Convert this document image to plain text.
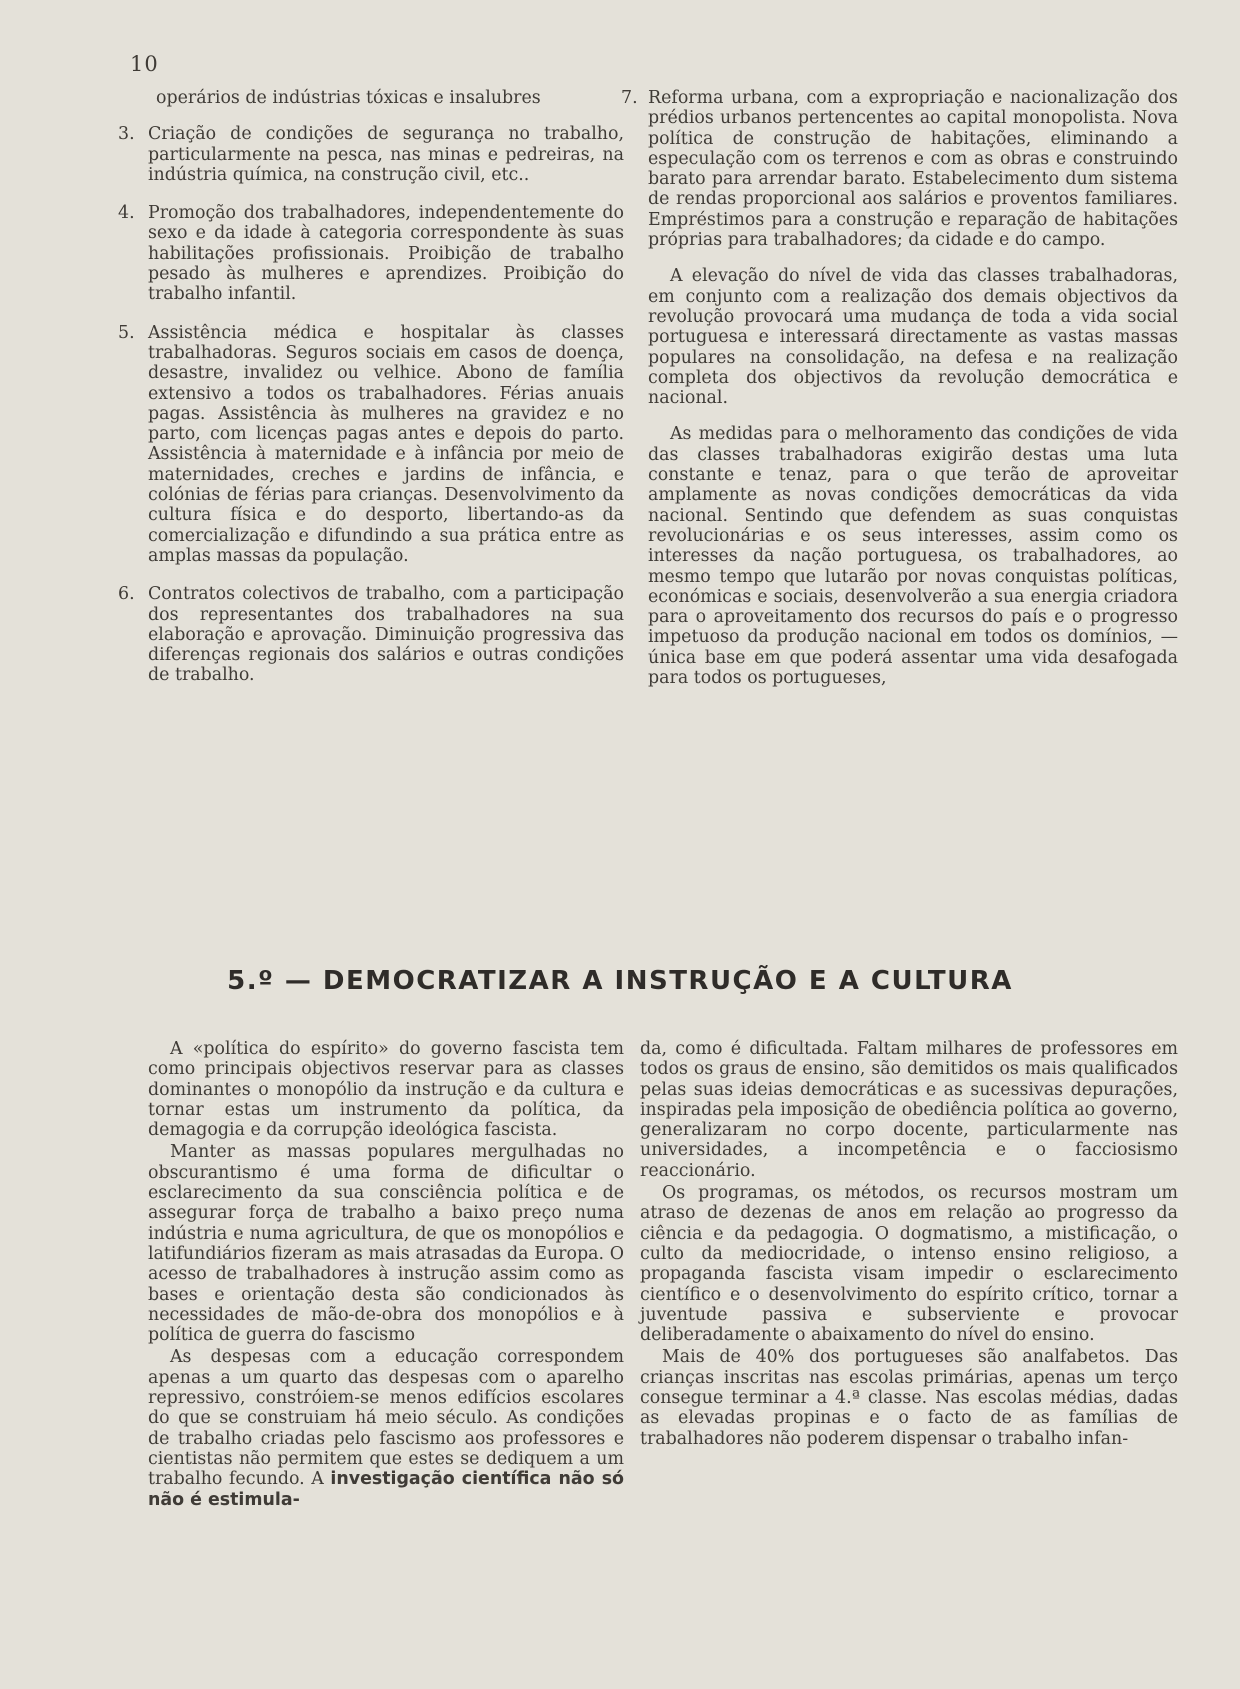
10

operários de indústrias tóxicas e insalubres

3. Criação de condições de segurança no trabalho, particularmente na pesca, nas minas e pedreiras, na indústria química, na construção civil, etc..

4. Promoção dos trabalhadores, independentemente do sexo e da idade à categoria correspondente às suas habilitações profissionais. Proibição de trabalho pesado às mulheres e aprendizes. Proibição do trabalho infantil.

5. Assistência médica e hospitalar às classes trabalhadoras. Seguros sociais em casos de doença, desastre, invalidez ou velhice. Abono de família extensivo a todos os trabalhadores. Férias anuais pagas. Assistência às mulheres na gravidez e no parto, com licenças pagas antes e depois do parto. Assistência à maternidade e à infância por meio de maternidades, creches e jardins de infância, e colónias de férias para crianças. Desenvolvimento da cultura física e do desporto, libertando-as da comercialização e difundindo a sua prática entre as amplas massas da população.

6. Contratos colectivos de trabalho, com a participação dos representantes dos trabalhadores na sua elaboração e aprovação. Diminuição progressiva das diferenças regionais dos salários e outras condições de trabalho.

7. Reforma urbana, com a expropriação e nacionalização dos prédios urbanos pertencentes ao capital monopolista. Nova política de construção de habitações, eliminando a especulação com os terrenos e com as obras e construindo barato para arrendar barato. Estabelecimento dum sistema de rendas proporcional aos salários e proventos familiares. Empréstimos para a construção e reparação de habitações próprias para trabalhadores; da cidade e do campo.

A elevação do nível de vida das classes trabalhadoras, em conjunto com a realização dos demais objectivos da revolução provocará uma mudança de toda a vida social portuguesa e interessará directamente as vastas massas populares na consolidação, na defesa e na realização completa dos objectivos da revolução democrática e nacional.

As medidas para o melhoramento das condições de vida das classes trabalhadoras exigirão destas uma luta constante e tenaz, para o que terão de aproveitar amplamente as novas condições democráticas da vida nacional. Sentindo que defendem as suas conquistas revolucionárias e os seus interesses, assim como os interesses da nação portuguesa, os trabalhadores, ao mesmo tempo que lutarão por novas conquistas políticas, económicas e sociais, desenvolverão a sua energia criadora para o aproveitamento dos recursos do país e o progresso impetuoso da produção nacional em todos os domínios, — única base em que poderá assentar uma vida desafogada para todos os portugueses,

5.º — DEMOCRATIZAR A INSTRUÇÃO E A CULTURA

A «política do espírito» do governo fascista tem como principais objectivos reservar para as classes dominantes o monopólio da instrução e da cultura e tornar estas um instrumento da política, da demagogia e da corrupção ideológica fascista.

Manter as massas populares mergulhadas no obscurantismo é uma forma de dificultar o esclarecimento da sua consciência política e de assegurar força de trabalho a baixo preço numa indústria e numa agricultura, de que os monopólios e latifundiários fizeram as mais atrasadas da Europa. O acesso de trabalhadores à instrução assim como as bases e orientação desta são condicionados às necessidades de mão-de-obra dos monopólios e à política de guerra do fascismo

As despesas com a educação correspondem apenas a um quarto das despesas com o aparelho repressivo, constróiem-se menos edifícios escolares do que se construiam há meio século. As condições de trabalho criadas pelo fascismo aos professores e cientistas não permitem que estes se dediquem a um trabalho fecundo. A investigação científica não só não é estimula-

da, como é dificultada. Faltam milhares de professores em todos os graus de ensino, são demitidos os mais qualificados pelas suas ideias democráticas e as sucessivas depurações, inspiradas pela imposição de obediência política ao governo, generalizaram no corpo docente, particularmente nas universidades, a incompetência e o facciosismo reaccionário.

Os programas, os métodos, os recursos mostram um atraso de dezenas de anos em relação ao progresso da ciência e da pedagogia. O dogmatismo, a mistificação, o culto da mediocridade, o intenso ensino religioso, a propaganda fascista visam impedir o esclarecimento científico e o desenvolvimento do espírito crítico, tornar a juventude passiva e subserviente e provocar deliberadamente o abaixamento do nível do ensino.

Mais de 40% dos portugueses são analfabetos. Das crianças inscritas nas escolas primárias, apenas um terço consegue terminar a 4.ª classe. Nas escolas médias, dadas as elevadas propinas e o facto de as famílias de trabalhadores não poderem dispensar o trabalho infan-
